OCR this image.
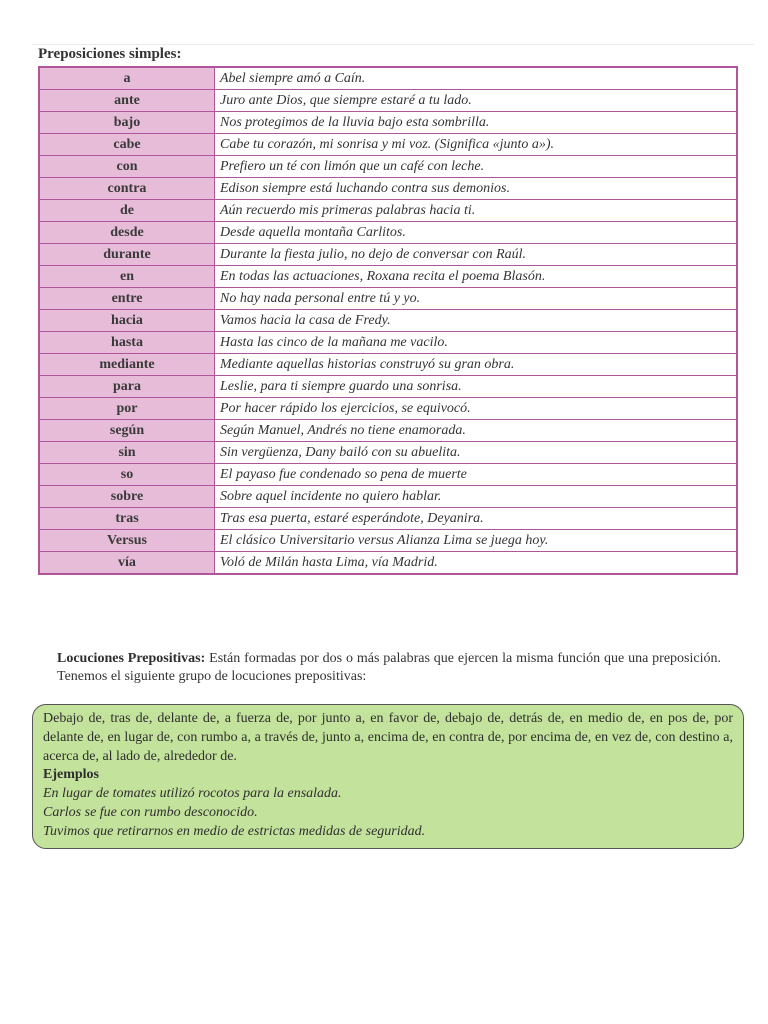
Preposiciones simples:
a	Abel siempre amó a Caín.
ante	Juro ante Dios, que siempre estaré a tu lado.
bajo	Nos protegimos de la lluvia bajo esta sombrilla.
cabe	Cabe tu corazón, mi sonrisa y mi voz. (Significa «junto a»).
con	Prefiero un té con limón que un café con leche.
contra	Edison siempre está luchando contra sus demonios.
de	Aún recuerdo mis primeras palabras hacia ti.
desde	Desde aquella montaña Carlitos.
durante	Durante la fiesta julio, no dejo de conversar con Raúl.
en	En todas las actuaciones, Roxana recita el poema Blasón.
entre	No hay nada personal entre tú y yo.
hacia	Vamos hacia la casa de Fredy.
hasta	Hasta las cinco de la mañana me vacilo.
mediante	Mediante aquellas historias construyó su gran obra.
para	Leslie, para ti siempre guardo una sonrisa.
por	Por hacer rápido los ejercicios, se equivocó.
según	Según Manuel, Andrés no tiene enamorada.
sin	Sin vergüenza, Dany bailó con su abuelita.
so	El payaso fue condenado so pena de muerte
sobre	Sobre aquel incidente no quiero hablar.
tras	Tras esa puerta, estaré esperándote, Deyanira.
Versus	El clásico Universitario versus Alianza Lima se juega hoy.
vía	Voló de Milán hasta Lima, vía Madrid.
Locuciones Prepositivas: Están formadas por dos o más palabras que ejercen la misma función que una preposición. Tenemos el siguiente grupo de locuciones prepositivas:
Debajo de, tras de, delante de, a fuerza de, por junto a, en favor de, debajo de, detrás de, en medio de, en pos de, por delante de, en lugar de, con rumbo a, a través de, junto a, encima de, en contra de, por encima de, en vez de, con destino a, acerca de, al lado de, alrededor de.
Ejemplos
En lugar de tomates utilizó rocotos para la ensalada.
Carlos se fue con rumbo desconocido.
Tuvimos que retirarnos en medio de estrictas medidas de seguridad.
